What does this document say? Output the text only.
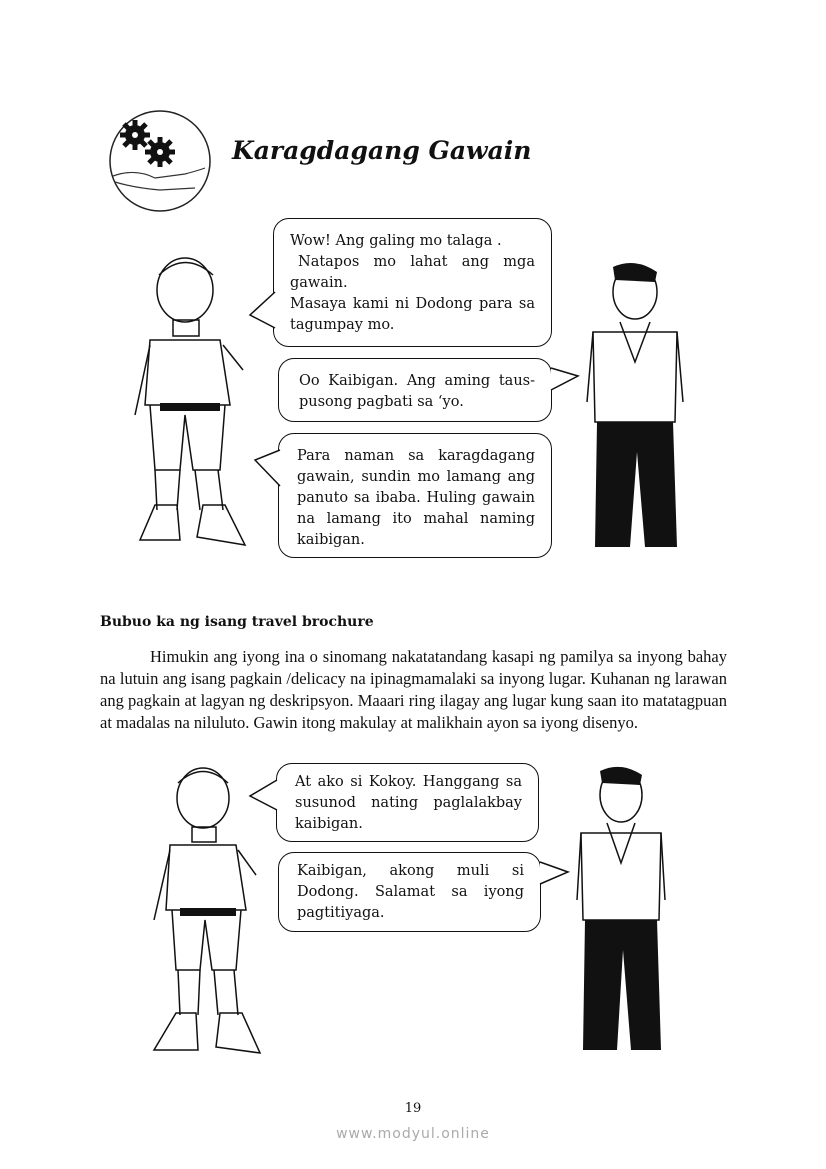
Karagdagang Gawain
Wow! Ang galing mo talaga .
Natapos mo lahat ang mga gawain.
Masaya kami ni Dodong para sa tagumpay mo.
Oo Kaibigan. Ang aming taus-pusong pagbati sa ‘yo.
Para naman sa karagdagang gawain, sundin mo lamang ang panuto sa ibaba. Huling gawain na lamang ito mahal naming kaibigan.
Bubuo ka ng isang travel brochure
Himukin ang iyong ina o sinomang nakatatandang kasapi ng pamilya sa inyong bahay na lutuin ang isang pagkain /delicacy na ipinagmamalaki sa inyong lugar. Kuhanan ng larawan ang pagkain at lagyan ng deskripsyon. Maaari ring ilagay ang lugar kung saan ito matatagpuan at madalas na niluluto. Gawin itong makulay at malikhain ayon sa iyong disenyo.
At ako si Kokoy. Hanggang sa susunod nating paglalakbay kaibigan.
Kaibigan, akong muli si Dodong. Salamat sa iyong pagtitiyaga.
19
www.modyul.online
